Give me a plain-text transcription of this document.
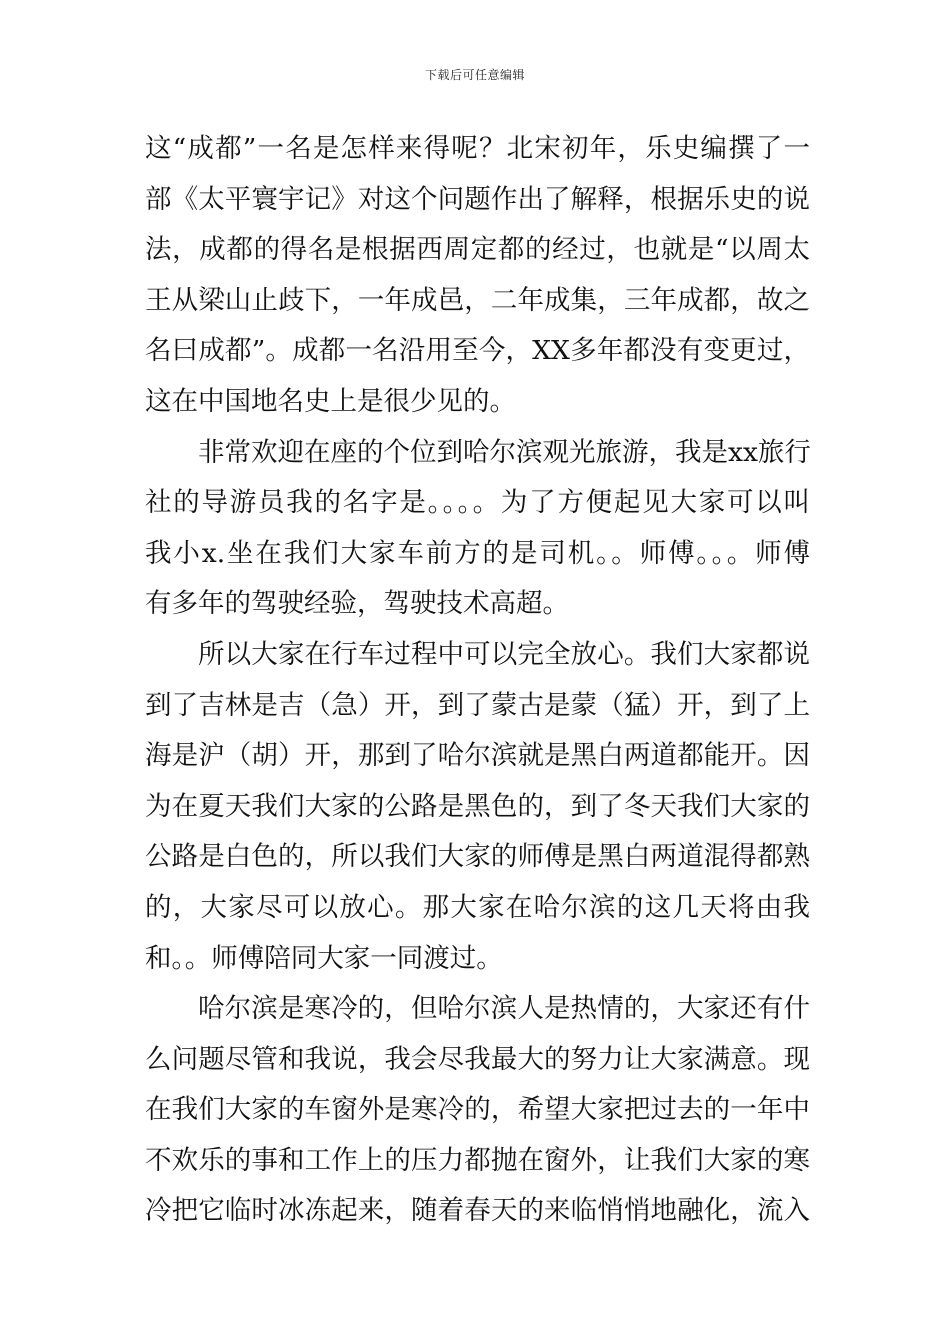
下载后可任意编辑
这“成都”一名是怎样来得呢？北宋初年，乐史编撰了一
部《太平寰宇记》对这个问题作出了解释，根据乐史的说
法，成都的得名是根据西周定都的经过，也就是“以周太
王从梁山止歧下，一年成邑，二年成集，三年成都，故之
名曰成都”。成都一名沿用至今，XX多年都没有变更过，
这在中国地名史上是很少见的。
非常欢迎在座的个位到哈尔滨观光旅游，我是xx旅行
社的导游员我的名字是。。。。为了方便起见大家可以叫
我小x.坐在我们大家车前方的是司机。。师傅。。。师傅
有多年的驾驶经验，驾驶技术高超。
所以大家在行车过程中可以完全放心。我们大家都说
到了吉林是吉（急）开，到了蒙古是蒙（猛）开，到了上
海是沪（胡）开，那到了哈尔滨就是黑白两道都能开。因
为在夏天我们大家的公路是黑色的，到了冬天我们大家的
公路是白色的，所以我们大家的师傅是黑白两道混得都熟
的，大家尽可以放心。那大家在哈尔滨的这几天将由我
和。。师傅陪同大家一同渡过。
哈尔滨是寒冷的，但哈尔滨人是热情的，大家还有什
么问题尽管和我说，我会尽我最大的努力让大家满意。现
在我们大家的车窗外是寒冷的，希望大家把过去的一年中
不欢乐的事和工作上的压力都抛在窗外，让我们大家的寒
冷把它临时冰冻起来，随着春天的来临悄悄地融化，流入
